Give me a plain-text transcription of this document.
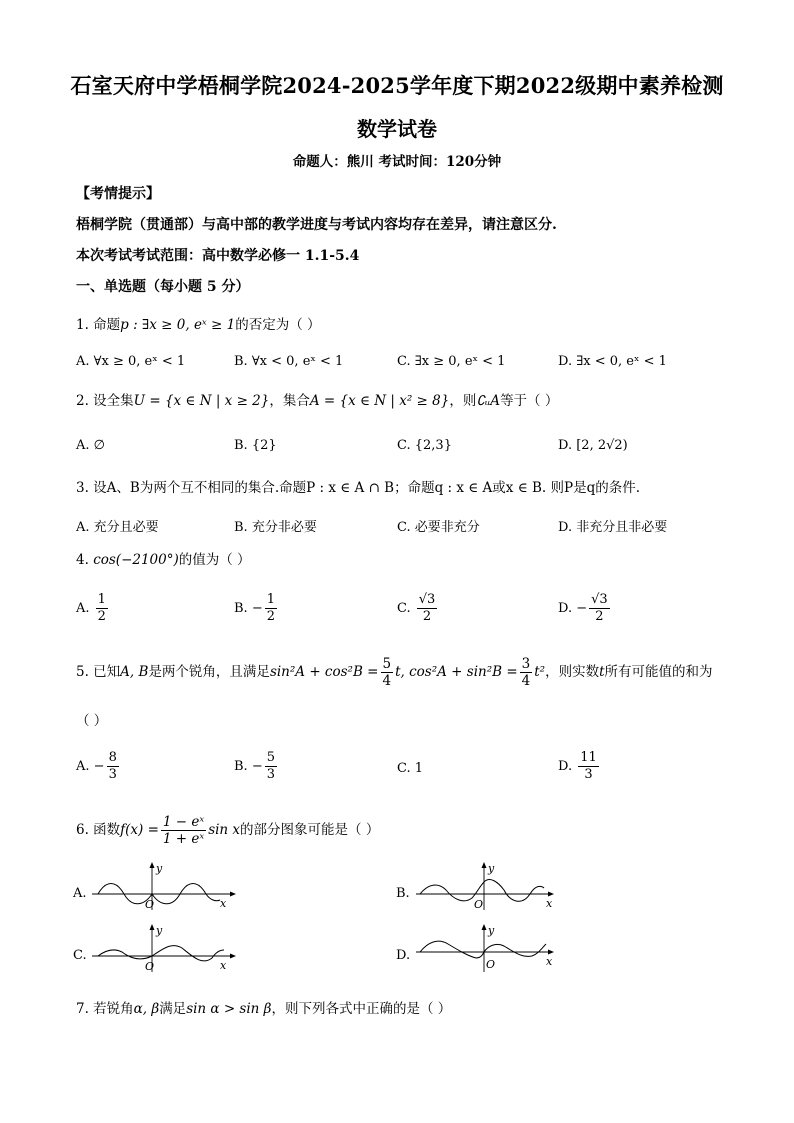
石室天府中学梧桐学院2024-2025学年度下期2022级期中素养检测
数学试卷
命题人：熊川 考试时间：120分钟
【考情提示】
梧桐学院（贯通部）与高中部的教学进度与考试内容均存在差异，请注意区分.
本次考试考试范围：高中数学必修一 1.1-5.4
一、单选题（每小题 5 分）
1. 命题p : ∃x ≥ 0, eˣ ≥ 1的否定为（ ）
A. ∀x ≥ 0, eˣ < 1	B. ∀x < 0, eˣ < 1	C. ∃x ≥ 0, eˣ < 1	D. ∃x < 0, eˣ < 1
2. 设全集U = {x ∈ N | x ≥ 2}，集合A = {x ∈ N | x² ≥ 8}，则∁ᵤA等于（ ）
A. ∅	B. {2}	C. {2,3}	D. [2, 2√2)
3. 设A、B为两个互不相同的集合.命题P : x ∈ A ∩ B；命题q : x ∈ A或x ∈ B. 则P是q的条件.
A. 充分且必要	B. 充分非必要	C. 必要非充分	D. 非充分且非必要
4. cos(−2100°)的值为（ ）
A. $\frac{1}{2}$	B. − $\frac{1}{2}$	C. $\frac{√3}{2}$	D. − $\frac{√3}{2}$
5. 已知A, B是两个锐角，且满足$\sin^2A + \cos^2B = \frac{5}{4} t$, $\cos^2A + \sin^2B = \frac{3}{4} t^2$，则实数t所有可能值的和为
（ ）
A. − $\frac{8}{3}$	B. − $\frac{5}{3}$	C. 1	D. $\frac{11}{3}$
6. 函数$f(x) = \frac{\text{1 − eˣ}}{\text{1 + eˣ}}$ sin x的部分图象可能是（ ）
A.
y
x
O
B.
y
x
O
C.
y
x
O
D.
y
x
O
7. 若锐角α, β满足sin α > sin β，则下列各式中正确的是（ ）
